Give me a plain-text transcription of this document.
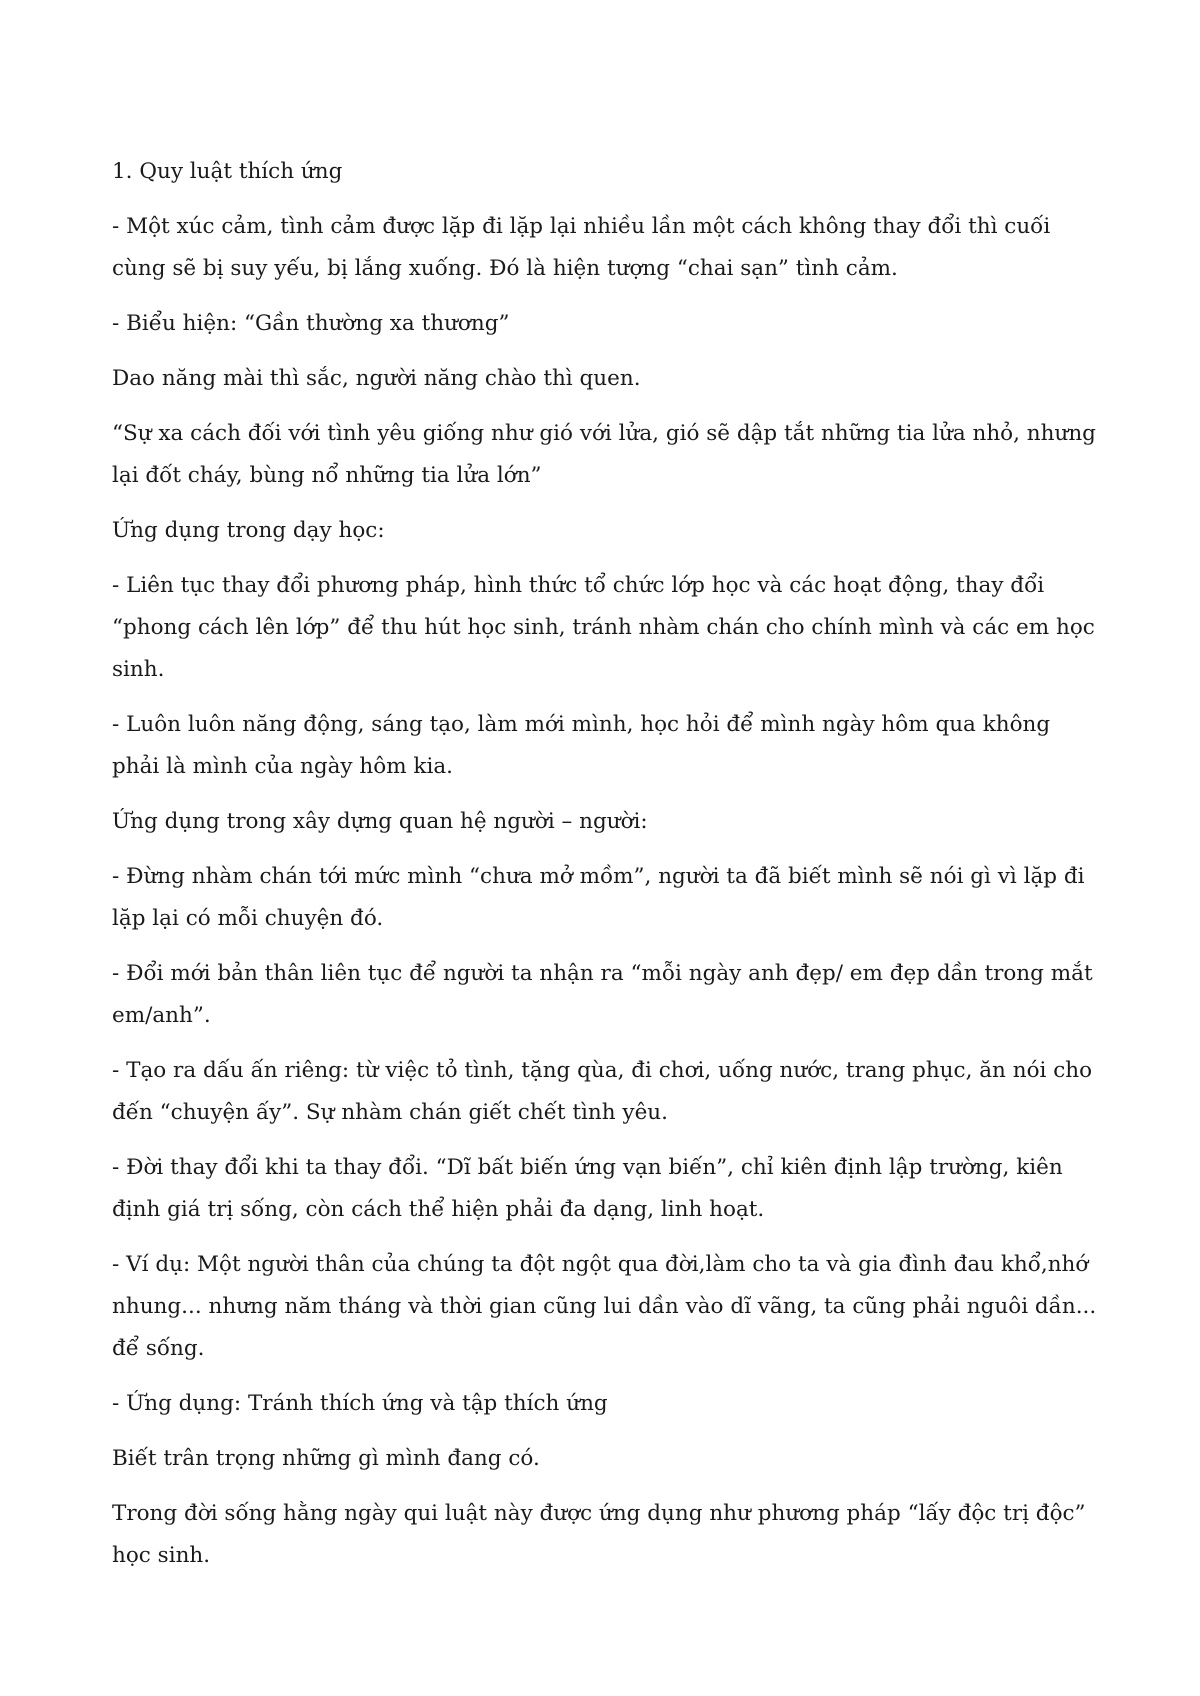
1. Quy luật thích ứng

- Một xúc cảm, tình cảm được lặp đi lặp lại nhiều lần một cách không thay đổi thì cuối cùng sẽ bị suy yếu, bị lắng xuống. Đó là hiện tượng “chai sạn” tình cảm.

- Biểu hiện: “Gần thường xa thương”

Dao năng mài thì sắc, người năng chào thì quen.

“Sự xa cách đối với tình yêu giống như gió với lửa, gió sẽ dập tắt những tia lửa nhỏ, nhưng lại đốt cháy, bùng nổ những tia lửa lớn”

Ứng dụng trong dạy học:

- Liên tục thay đổi phương pháp, hình thức tổ chức lớp học và các hoạt động, thay đổi “phong cách lên lớp” để thu hút học sinh, tránh nhàm chán cho chính mình và các em học sinh.

- Luôn luôn năng động, sáng tạo, làm mới mình, học hỏi để mình ngày hôm qua không phải là mình của ngày hôm kia.

Ứng dụng trong xây dựng quan hệ người – người:

- Đừng nhàm chán tới mức mình “chưa mở mồm”, người ta đã biết mình sẽ nói gì vì lặp đi lặp lại có mỗi chuyện đó.

- Đổi mới bản thân liên tục để người ta nhận ra “mỗi ngày anh đẹp/ em đẹp dần trong mắt em/anh”.

- Tạo ra dấu ấn riêng: từ việc tỏ tình, tặng qùa, đi chơi, uống nước, trang phục, ăn nói cho đến “chuyện ấy”. Sự nhàm chán giết chết tình yêu.

- Đời thay đổi khi ta thay đổi. “Dĩ bất biến ứng vạn biến”, chỉ kiên định lập trường, kiên định giá trị sống, còn cách thể hiện phải đa dạng, linh hoạt.

- Ví dụ: Một người thân của chúng ta đột ngột qua đời,làm cho ta và gia đình đau khổ,nhớ nhung... nhưng năm tháng và thời gian cũng lui dần vào dĩ vãng, ta cũng phải nguôi dần... để sống.

- Ứng dụng: Tránh thích ứng và tập thích ứng

Biết trân trọng những gì mình đang có.

Trong đời sống hằng ngày qui luật này được ứng dụng như phương pháp “lấy độc trị độc” học sinh.
